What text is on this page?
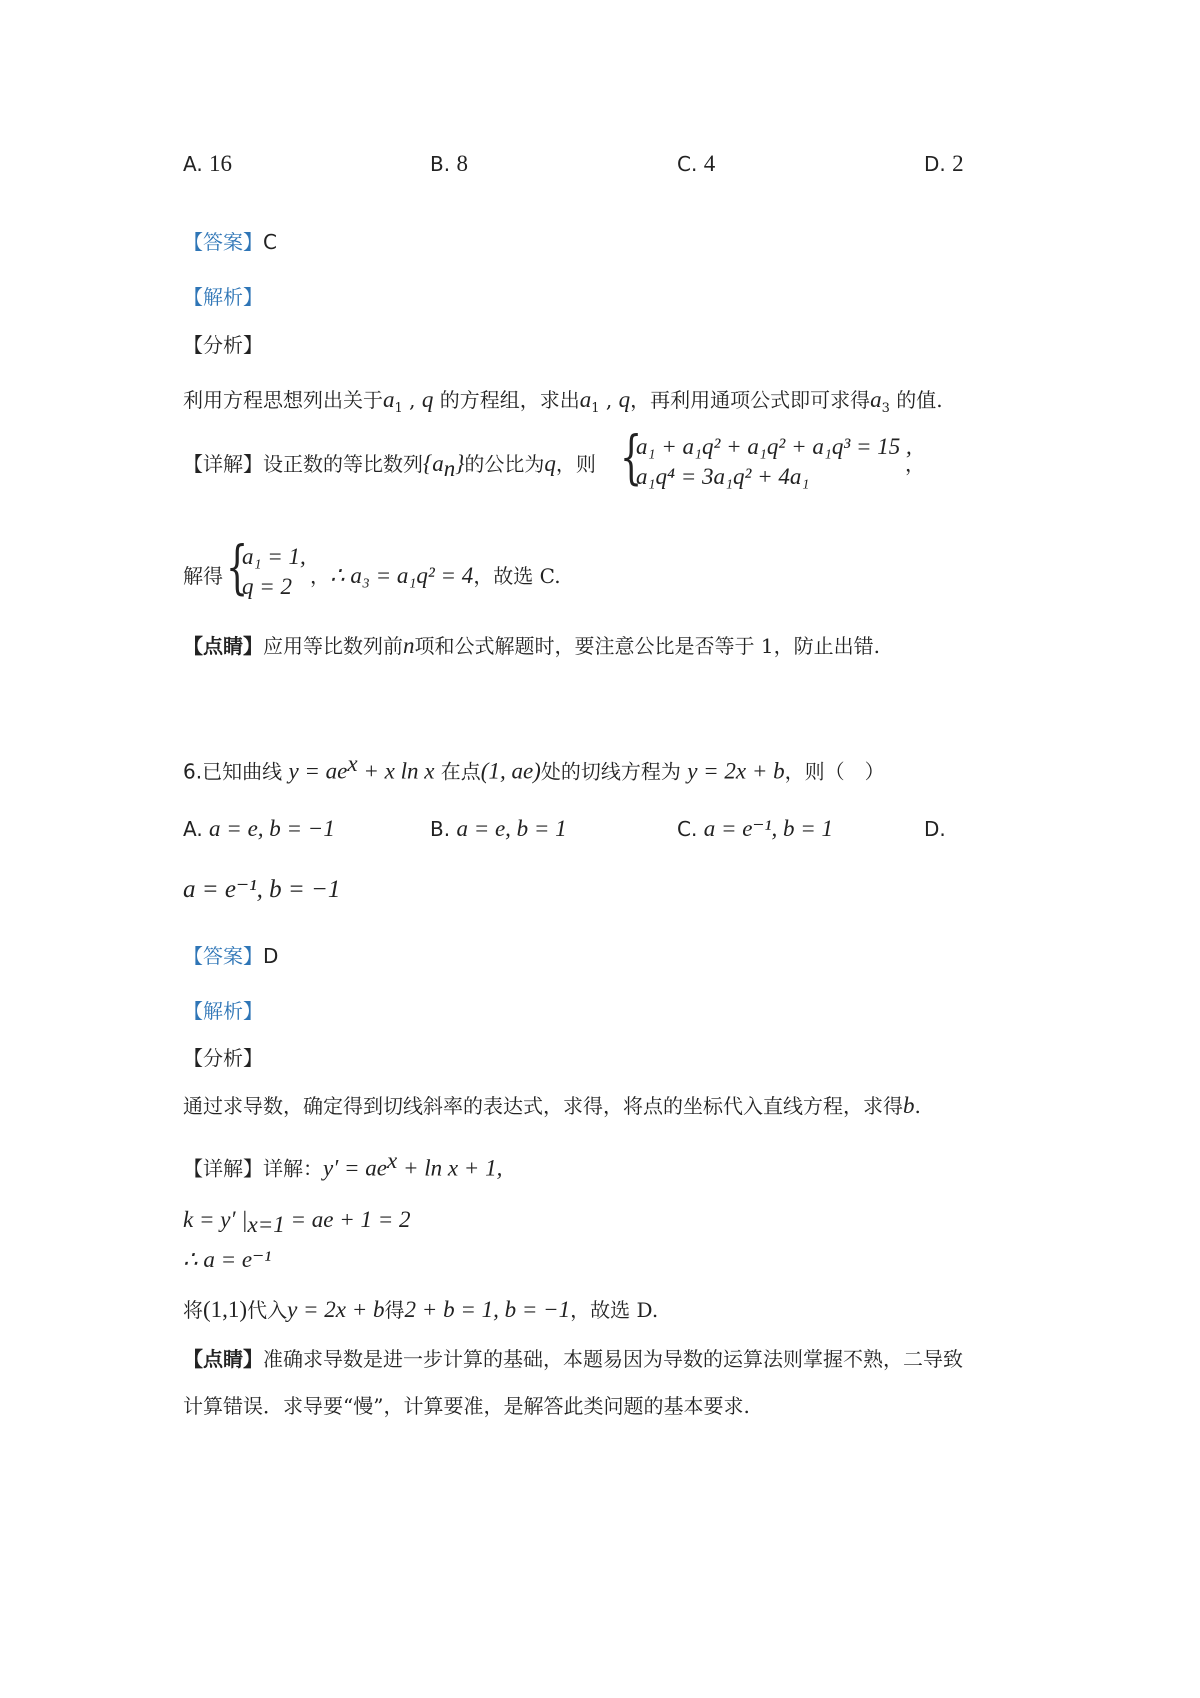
A. 16	B. 8	C. 4	D. 2
【答案】C
【解析】
【分析】
利用方程思想列出关于$a_1$ , q 的方程组，求出$a_1$ , q，再利用通项公式即可求得$a_3$ 的值.
【详解】设正数的等比数列$\{a_n\}$的公比为q，则 {
a₁ + a₁q² + a₁q² + a₁q³ = 15 ,
a₁q⁴ = 3a₁q² + 4a₁	，
解得 {
a₁ = 1,
q = 2 ，∴ a₃ = a₁q² = 4，故选 C.
【点睛】应用等比数列前n项和公式解题时，要注意公比是否等于 1，防止出错.
6.已知曲线 $y = ae^x + x$ ln x 在点(1, ae)处的切线方程为 y = 2x + b，则（　）
A. a = e, b = −1	B. a = e, b = 1	C. a = e⁻¹, b = 1	D.
a = e⁻¹, b = −1
【答案】D
【解析】
【分析】
通过求导数，确定得到切线斜率的表达式，求得，将点的坐标代入直线方程，求得b.
【详解】详解：$y' = ae^x + \ln x + 1$,
k = y′ $|_{x=1}$ = ae + 1 = 2
∴ a = e⁻¹
将(1,1)代入y = 2x + b得2 + b = 1, b = −1，故选 D.
【点睛】准确求导数是进一步计算的基础，本题易因为导数的运算法则掌握不熟，二导致
计算错误．求导要“慢”，计算要准，是解答此类问题的基本要求.
